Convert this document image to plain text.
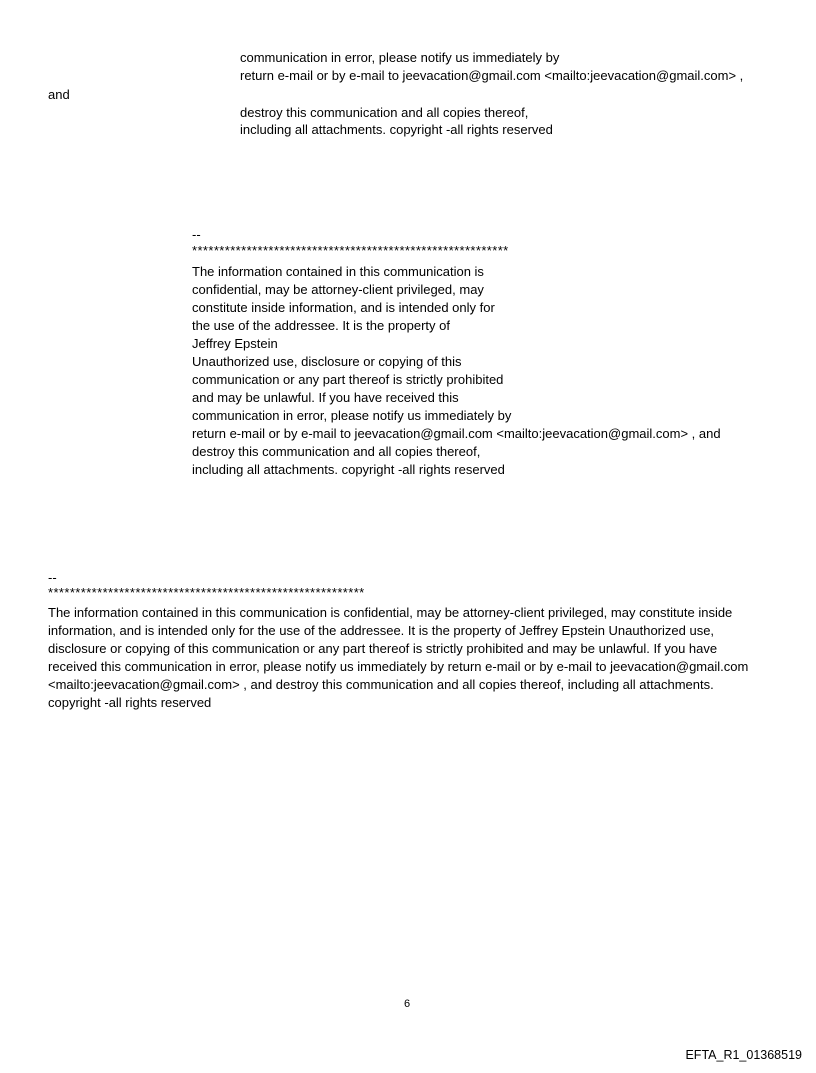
communication in error, please notify us immediately by
return e-mail or by e-mail to jeevacation@gmail.com <mailto:jeevacation@gmail.com> ,
and
destroy this communication and all copies thereof,
including all attachments. copyright -all rights reserved
--
**********************************************************
The information contained in this communication is
confidential, may be attorney-client privileged, may
constitute inside information, and is intended only for
the use of the addressee. It is the property of
Jeffrey Epstein
Unauthorized use, disclosure or copying of this
communication or any part thereof is strictly prohibited
and may be unlawful. If you have received this
communication in error, please notify us immediately by
return e-mail or by e-mail to jeevacation@gmail.com <mailto:jeevacation@gmail.com> , and
destroy this communication and all copies thereof,
including all attachments. copyright -all rights reserved
--
**********************************************************
The information contained in this communication is confidential, may be attorney-client privileged, may constitute inside information, and is intended only for the use of the addressee. It is the property of Jeffrey Epstein Unauthorized use, disclosure or copying of this communication or any part thereof is strictly prohibited and may be unlawful. If you have received this communication in error, please notify us immediately by return e-mail or by e-mail to jeevacation@gmail.com <mailto:jeevacation@gmail.com> , and destroy this communication and all copies thereof, including all attachments. copyright -all rights reserved
6
EFTA_R1_01368519
